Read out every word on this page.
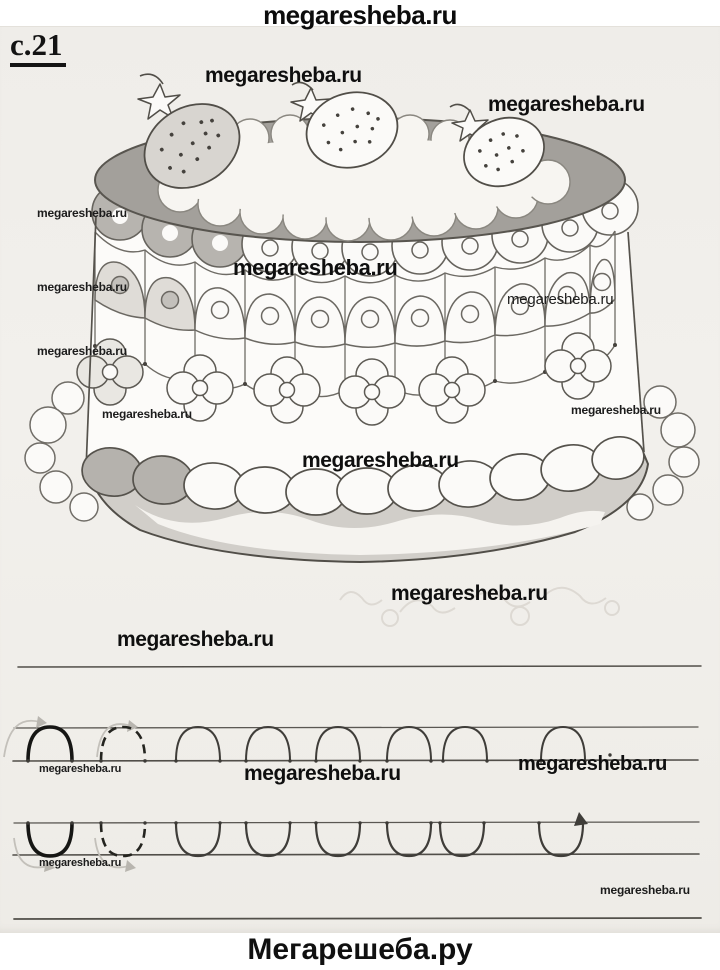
megaresheba.ru
с.21
megaresheba.ru
megaresheba.ru
megaresheba.ru
megaresheba.ru
megaresheba.ru
megaresheba.ru
megaresheba.ru
megaresheba.ru	megaresheba.ru
megaresheba.ru
megaresheba.ru
megaresheba.ru
megaresheba.ru	megaresheba.ru	megaresheba.ru
megaresheba.ru
megaresheba.ru
Мегарешеба.ру
